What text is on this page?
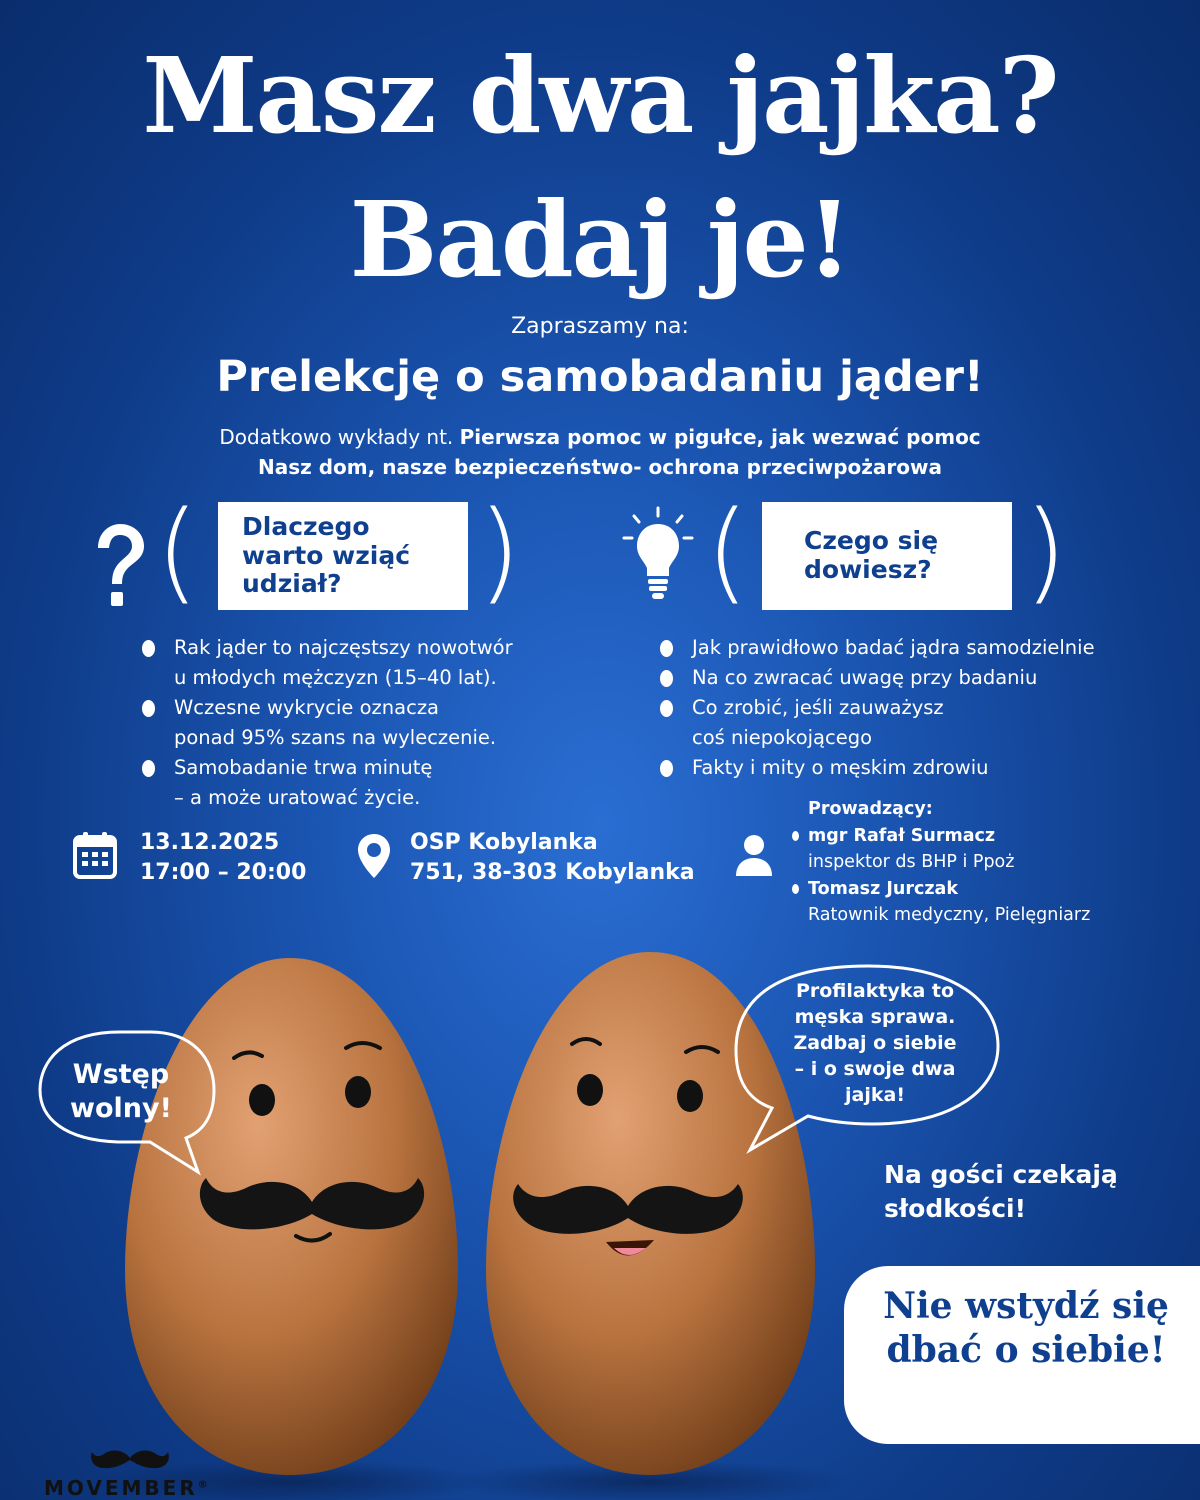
Masz dwa jajka?
Badaj je!
Zapraszamy na:
Prelekcję o samobadaniu jąder!
Dodatkowo wykłady nt. Pierwsza pomoc w pigułce, jak wezwać pomoc
Nasz dom, nasze bezpieczeństwo- ochrona przeciwpożarowa
( Dlaczego
warto wziąć
udział?	) ( Czego się
dowiesz? )
Rak jąder to najczęstszy nowotwór
u młodych mężczyzn (15–40 lat).
Wczesne wykrycie oznacza
ponad 95% szans na wyleczenie.
Samobadanie trwa minutę
– a może uratować życie.
Jak prawidłowo badać jądra samodzielnie
Na co zwracać uwagę przy badaniu
Co zrobić, jeśli zauważysz
coś niepokojącego
Fakty i mity o męskim zdrowiu
13.12.2025
17:00 – 20:00
OSP Kobylanka
751, 38-303 Kobylanka
Prowadzący:
mgr Rafał Surmacz
inspektor ds BHP i Ppoż
Tomasz Jurczak
Ratownik medyczny, Pielęgniarz
Wstęp
wolny!
Profilaktyka to
męska sprawa.
Zadbaj o siebie
– i o swoje dwa
jajka!
Na gości czekają
słodkości!
Nie wstydź się
dbać o siebie!
MOVEMBER®
